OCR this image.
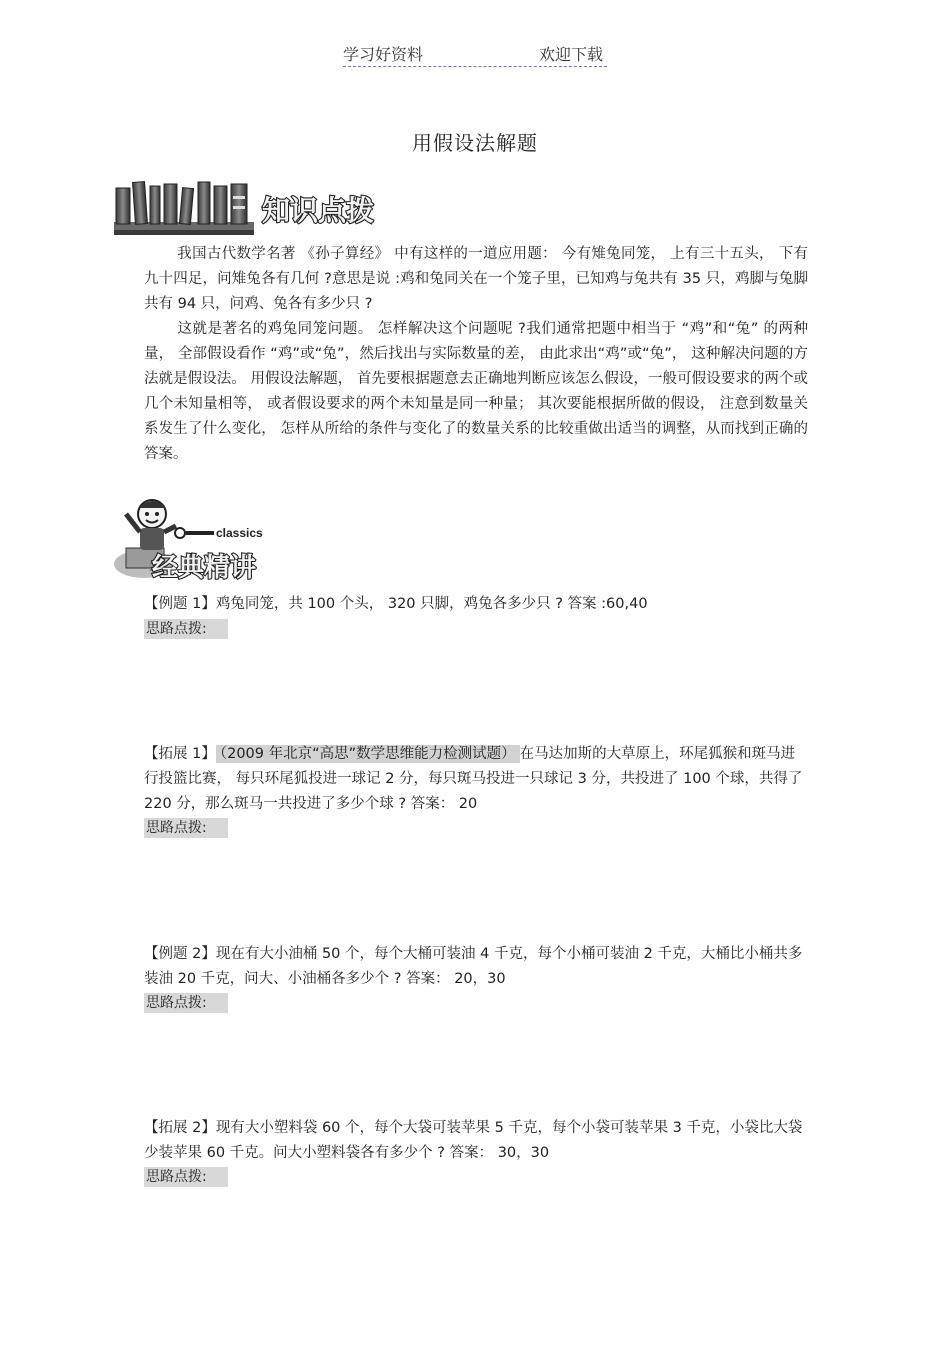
学习好资料	欢迎下载
用假设法解题
知识点拨
我国古代数学名著 《孙子算经》 中有这样的一道应用题： 今有雉兔同笼， 上有三十五头， 下有九十四足，问雉兔各有几何 ?意思是说 :鸡和兔同关在一个笼子里，已知鸡与兔共有 35 只，鸡脚与兔脚共有 94 只，问鸡、兔各有多少只 ?
这就是著名的鸡兔同笼问题。 怎样解决这个问题呢 ?我们通常把题中相当于 “鸡”和“兔” 的两种量， 全部假设看作 “鸡”或“兔”，然后找出与实际数量的差， 由此求出“鸡”或“兔”， 这种解决问题的方法就是假设法。 用假设法解题， 首先要根据题意去正确地判断应该怎么假设，一般可假设要求的两个或几个未知量相等， 或者假设要求的两个未知量是同一种量； 其次要能根据所做的假设， 注意到数量关系发生了什么变化， 怎样从所给的条件与变化了的数量关系的比较重做出适当的调整，从而找到正确的答案。
classics
经典精讲
【例题 1】鸡兔同笼，共 100 个头， 320 只脚，鸡兔各多少只 ? 答案 :60,40
思路点拨:
【拓展 1】 （2009 年北京“高思”数学思维能力检测试题） 在马达加斯的大草原上，环尾狐猴和斑马进行投篮比赛， 每只环尾狐投进一球记 2 分，每只斑马投进一只球记 3 分，共投进了 100 个球，共得了 220 分，那么斑马一共投进了多少个球 ? 答案： 20
思路点拨:
【例题 2】现在有大小油桶 50 个，每个大桶可装油 4 千克，每个小桶可装油 2 千克，大桶比小桶共多装油 20 千克，问大、小油桶各多少个 ? 答案： 20，30
思路点拨:
【拓展 2】现有大小塑料袋 60 个，每个大袋可装苹果 5 千克，每个小袋可装苹果 3 千克，小袋比大袋少装苹果 60 千克。问大小塑料袋各有多少个 ? 答案： 30，30
思路点拨:
